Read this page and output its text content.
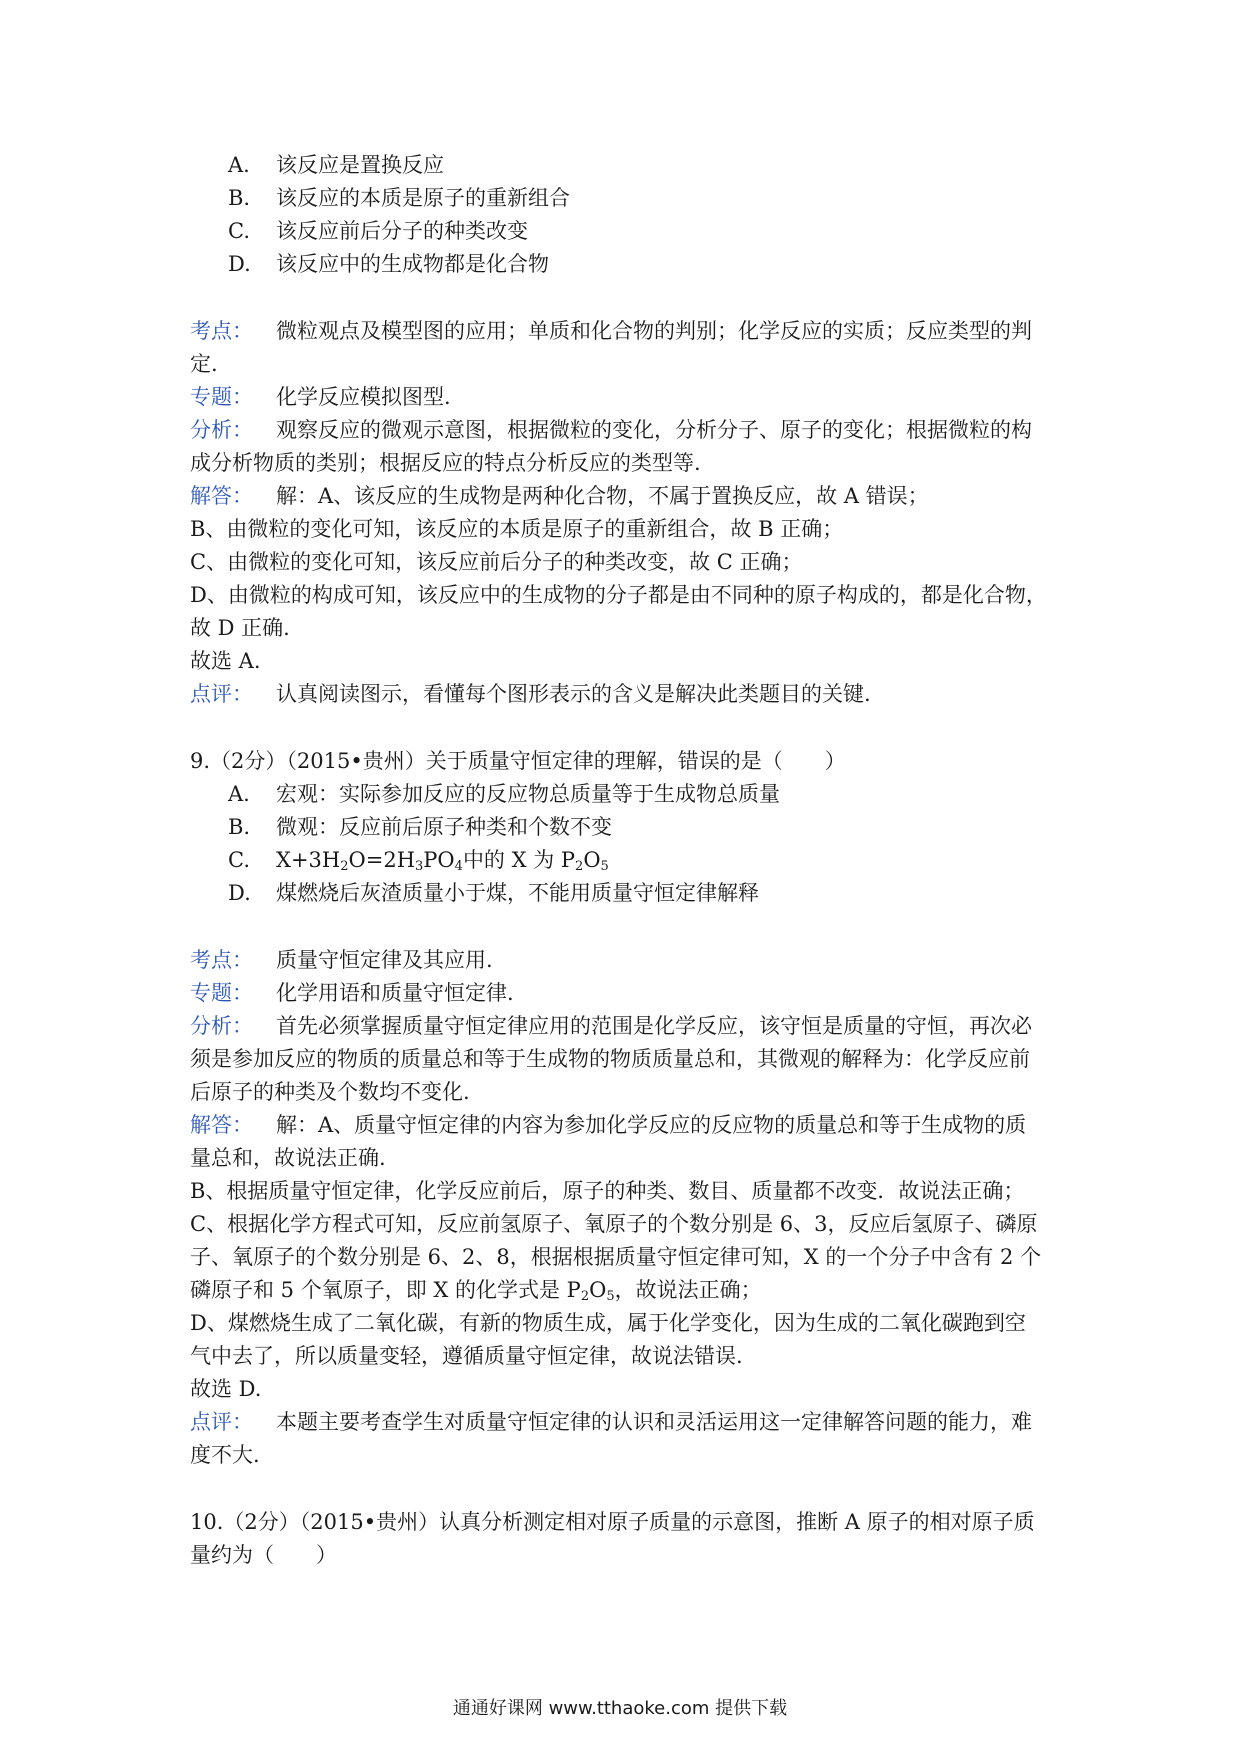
A. 该反应是置换反应
B. 该反应的本质是原子的重新组合
C. 该反应前后分子的种类改变
D. 该反应中的生成物都是化合物
考点： 微粒观点及模型图的应用；单质和化合物的判别；化学反应的实质；反应类型的判
定.
专题： 化学反应模拟图型.
分析： 观察反应的微观示意图，根据微粒的变化，分析分子、原子的变化；根据微粒的构
成分析物质的类别；根据反应的特点分析反应的类型等.
解答： 解：A、该反应的生成物是两种化合物，不属于置换反应，故 A 错误；
B、由微粒的变化可知，该反应的本质是原子的重新组合，故 B 正确；
C、由微粒的变化可知，该反应前后分子的种类改变，故 C 正确；
D、由微粒的构成可知，该反应中的生成物的分子都是由不同种的原子构成的，都是化合物，
故 D 正确.
故选 A.
点评： 认真阅读图示，看懂每个图形表示的含义是解决此类题目的关键.
9.（2分）（2015•贵州）关于质量守恒定律的理解，错误的是（　　）
A. 宏观：实际参加反应的反应物总质量等于生成物总质量
B. 微观：反应前后原子种类和个数不变
C. $X+3H_2O=2H_3PO_4$中的 X 为 $P_2O_5$
D. 煤燃烧后灰渣质量小于煤，不能用质量守恒定律解释
考点： 质量守恒定律及其应用.
专题： 化学用语和质量守恒定律.
分析： 首先必须掌握质量守恒定律应用的范围是化学反应，该守恒是质量的守恒，再次必
须是参加反应的物质的质量总和等于生成物的物质质量总和，其微观的解释为：化学反应前
后原子的种类及个数均不变化.
解答： 解：A、质量守恒定律的内容为参加化学反应的反应物的质量总和等于生成物的质
量总和，故说法正确.
B、根据质量守恒定律，化学反应前后，原子的种类、数目、质量都不改变．故说法正确；
C、根据化学方程式可知，反应前氢原子、氧原子的个数分别是 6、3，反应后氢原子、磷原
子、氧原子的个数分别是 6、2、8，根据根据质量守恒定律可知，X 的一个分子中含有 2 个
磷原子和 5 个氧原子，即 X 的化学式是 $P_2O_5$，故说法正确；
D、煤燃烧生成了二氧化碳，有新的物质生成，属于化学变化，因为生成的二氧化碳跑到空
气中去了，所以质量变轻，遵循质量守恒定律，故说法错误.
故选 D.
点评： 本题主要考查学生对质量守恒定律的认识和灵活运用这一定律解答问题的能力，难
度不大.
10.（2分）（2015•贵州）认真分析测定相对原子质量的示意图，推断 A 原子的相对原子质
量约为（　　）
通通好课网 www.tthaoke.com 提供下载
